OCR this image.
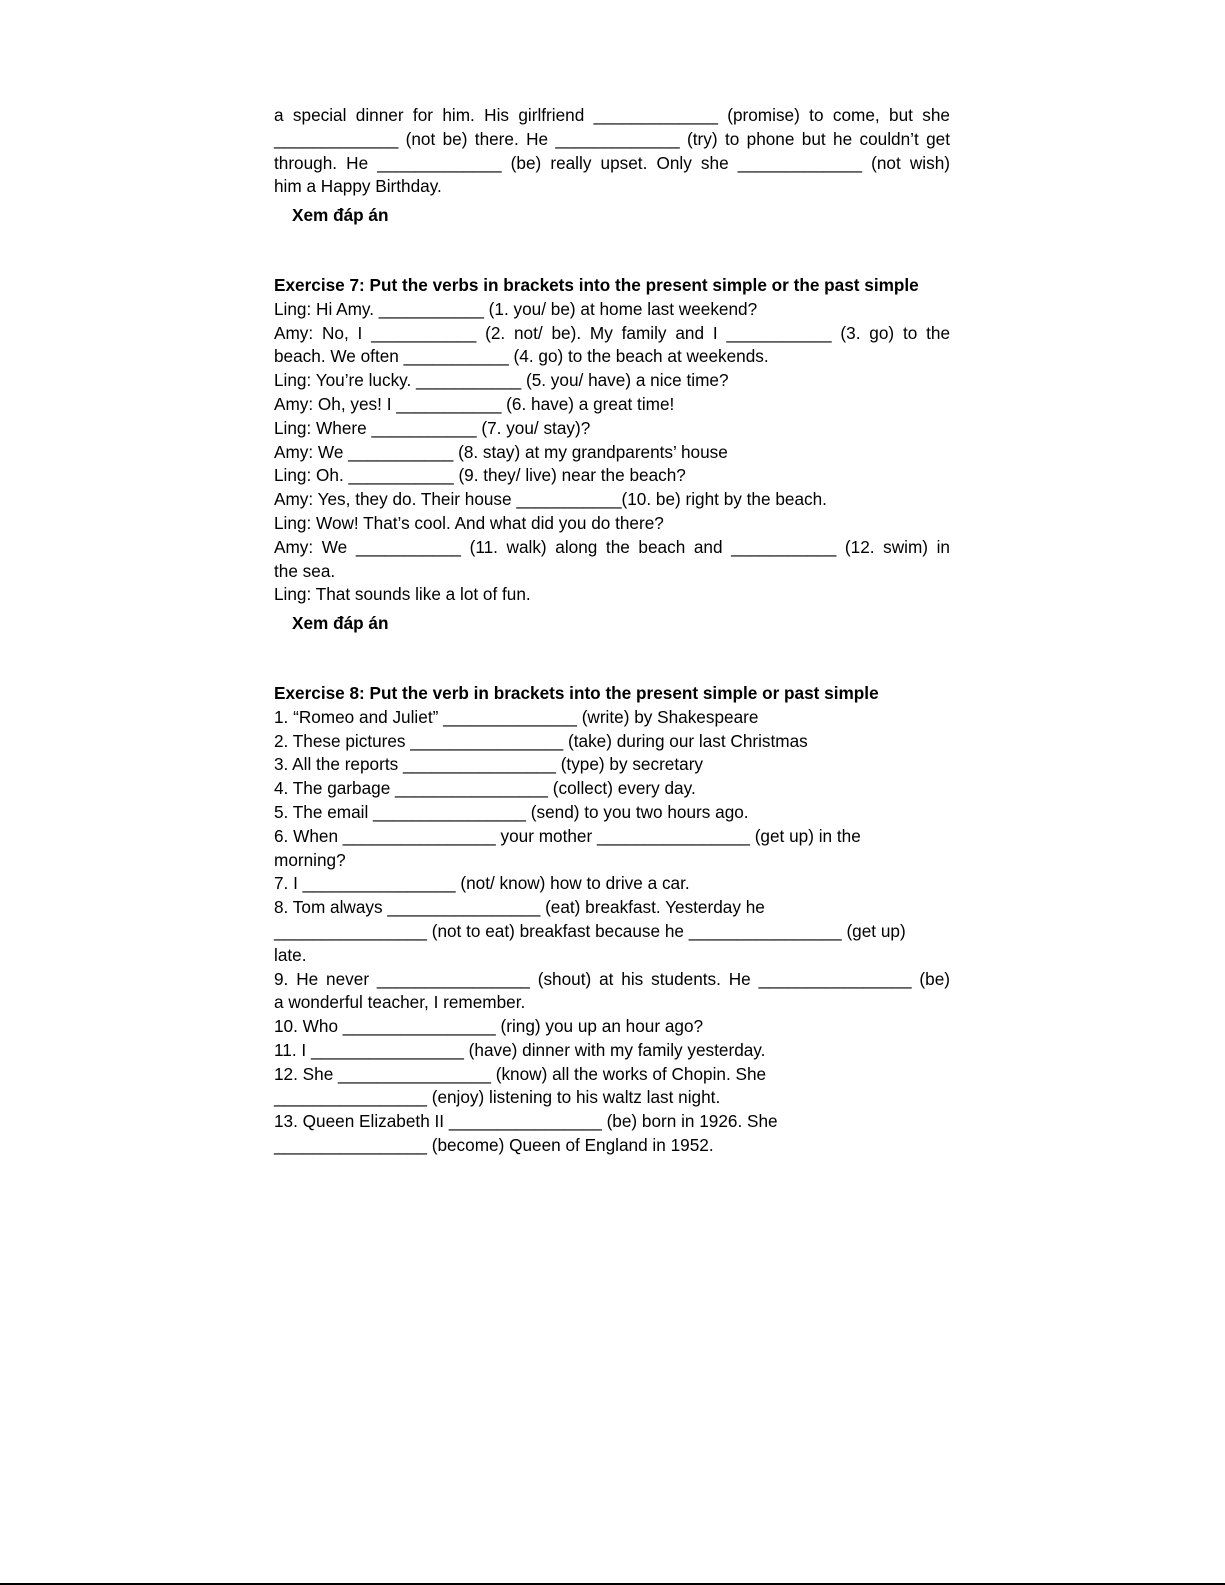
a special dinner for him. His girlfriend _____________ (promise) to come, but she

_____________ (not be) there. He _____________ (try) to phone but he couldn’t get

through. He _____________ (be) really upset. Only she _____________ (not wish)

him a Happy Birthday.

Xem đáp án
Exercise 7: Put the verbs in brackets into the present simple or the past simple

Ling: Hi Amy. ___________ (1. you/ be) at home last weekend?

Amy: No, I ___________ (2. not/ be). My family and I ___________ (3. go) to the

beach. We often ___________ (4. go) to the beach at weekends.

Ling: You’re lucky. ___________ (5. you/ have) a nice time?

Amy: Oh, yes! I ___________ (6. have) a great time!

Ling: Where ___________ (7. you/ stay)?

Amy: We ___________ (8. stay) at my grandparents’ house

Ling: Oh. ___________ (9. they/ live) near the beach?

Amy: Yes, they do. Their house ___________(10. be) right by the beach.

Ling: Wow! That’s cool. And what did you do there?

Amy: We ___________ (11. walk) along the beach and ___________ (12. swim) in

the sea.

Ling: That sounds like a lot of fun.

Xem đáp án
Exercise 8: Put the verb in brackets into the present simple or past simple

1. “Romeo and Juliet” ______________ (write) by Shakespeare

2. These pictures ________________ (take) during our last Christmas

3. All the reports ________________ (type) by secretary

4. The garbage ________________ (collect) every day.

5. The email ________________ (send) to you two hours ago.

6. When ________________ your mother ________________ (get up) in the

morning?

7. I ________________ (not/ know) how to drive a car.

8. Tom always ________________ (eat) breakfast. Yesterday he

________________ (not to eat) breakfast because he ________________ (get up)

late.

9. He never ________________ (shout) at his students. He ________________ (be)

a wonderful teacher, I remember.

10. Who ________________ (ring) you up an hour ago?

11. I ________________ (have) dinner with my family yesterday.

12. She ________________ (know) all the works of Chopin. She

________________ (enjoy) listening to his waltz last night.

13. Queen Elizabeth II ________________ (be) born in 1926. She

________________ (become) Queen of England in 1952.
